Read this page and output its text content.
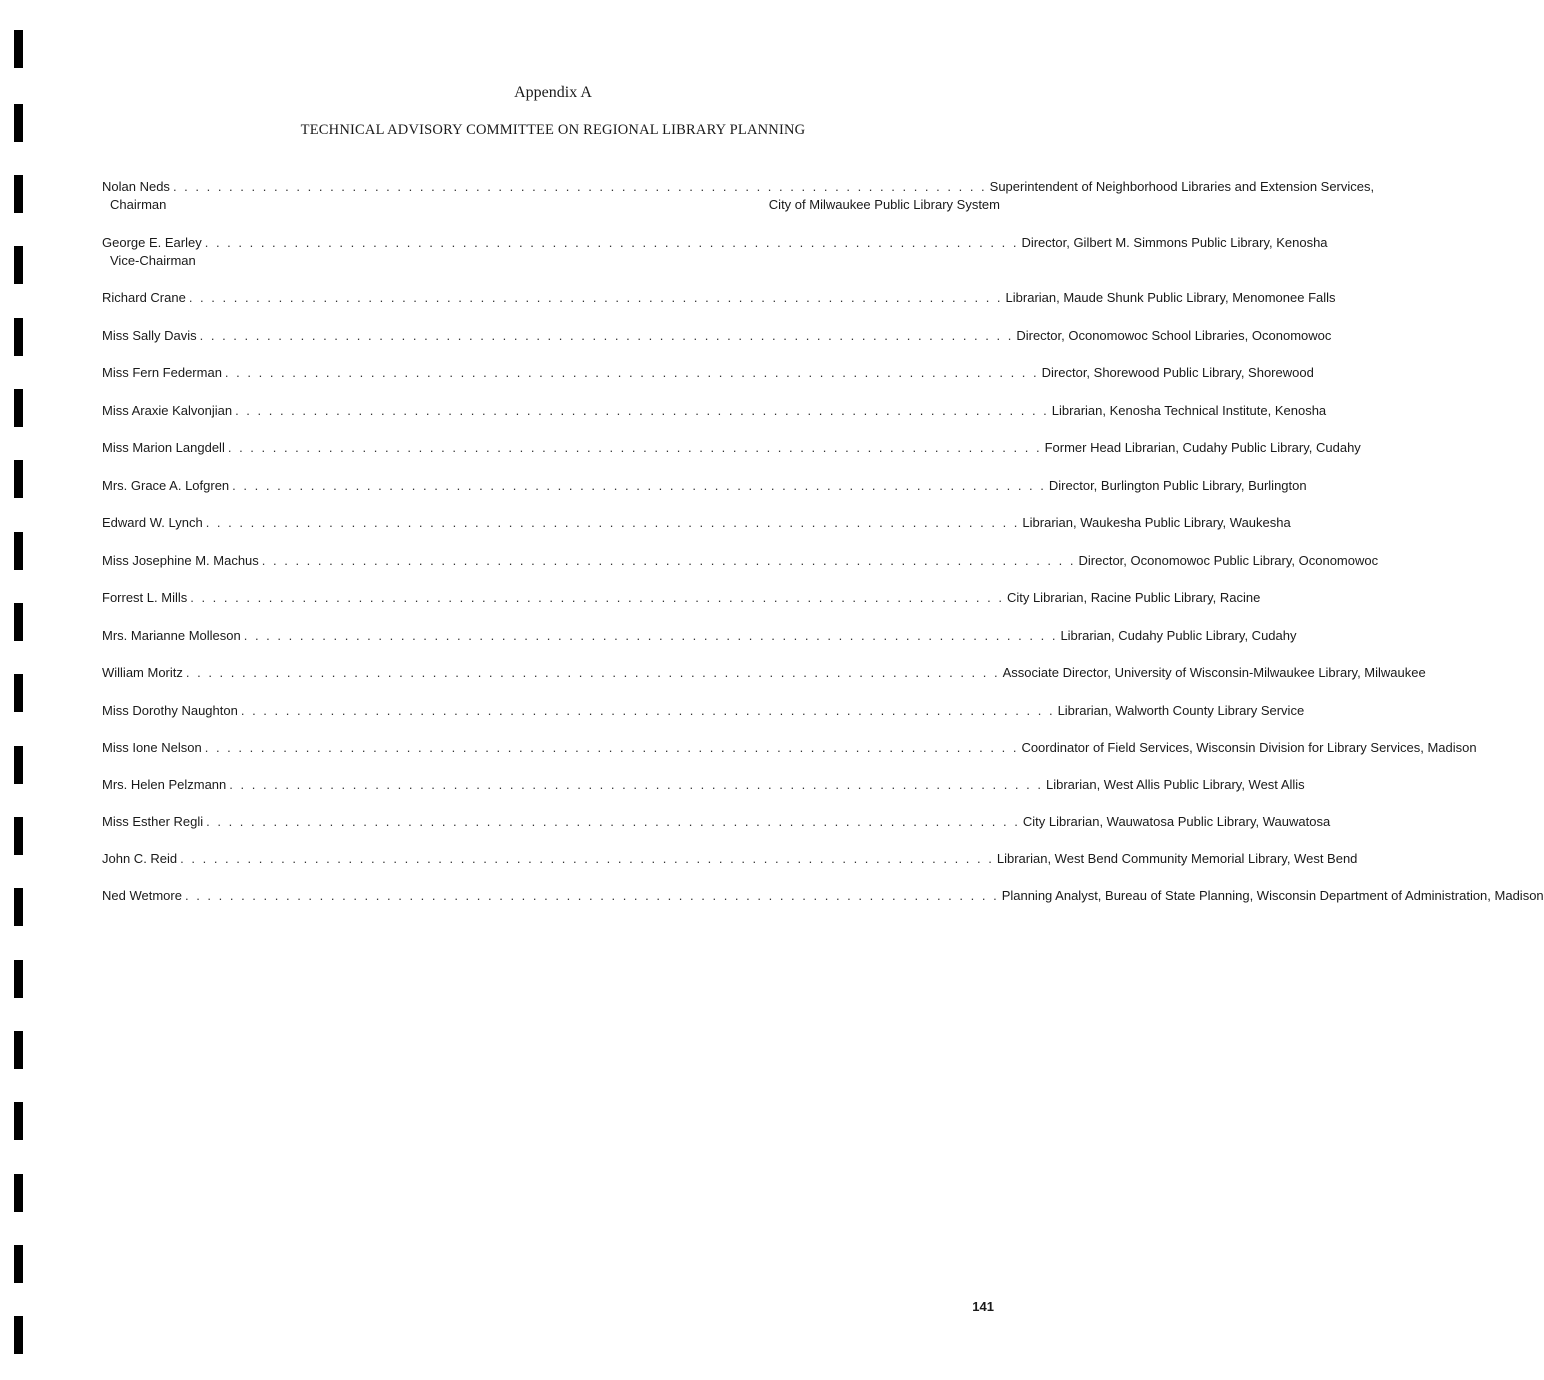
Appendix A
TECHNICAL ADVISORY COMMITTEE ON REGIONAL LIBRARY PLANNING
Nolan Neds . . . . . . . . . . . . . . . . . . . . . . . . . . . . . . . . . . . . . . . . . . . . . . . . . . . . . . . . . . . . . . . . . . . . . . . . . Superintendent of Neighborhood Libraries and Extension Services,
Chairman	City of Milwaukee Public Library System
George E. Earley . . . . . . . . . . . . . . . . . . . . . . . . . . . . . . . . . . . . . . . . . . . . . . . . . . . . . . . . . . . . . . . . . . . . . . . . . Director, Gilbert M. Simmons Public Library, Kenosha
Vice-Chairman
Richard Crane . . . . . . . . . . . . . . . . . . . . . . . . . . . . . . . . . . . . . . . . . . . . . . . . . . . . . . . . . . . . . . . . . . . . . . . . . Librarian, Maude Shunk Public Library, Menomonee Falls
Miss Sally Davis . . . . . . . . . . . . . . . . . . . . . . . . . . . . . . . . . . . . . . . . . . . . . . . . . . . . . . . . . . . . . . . . . . . . . . . . . Director, Oconomowoc School Libraries, Oconomowoc
Miss Fern Federman . . . . . . . . . . . . . . . . . . . . . . . . . . . . . . . . . . . . . . . . . . . . . . . . . . . . . . . . . . . . . . . . . . . . . . . . . Director, Shorewood Public Library, Shorewood
Miss Araxie Kalvonjian . . . . . . . . . . . . . . . . . . . . . . . . . . . . . . . . . . . . . . . . . . . . . . . . . . . . . . . . . . . . . . . . . . . . . . . . . Librarian, Kenosha Technical Institute, Kenosha
Miss Marion Langdell . . . . . . . . . . . . . . . . . . . . . . . . . . . . . . . . . . . . . . . . . . . . . . . . . . . . . . . . . . . . . . . . . . . . . . . . . Former Head Librarian, Cudahy Public Library, Cudahy
Mrs. Grace A. Lofgren . . . . . . . . . . . . . . . . . . . . . . . . . . . . . . . . . . . . . . . . . . . . . . . . . . . . . . . . . . . . . . . . . . . . . . . . . Director, Burlington Public Library, Burlington
Edward W. Lynch . . . . . . . . . . . . . . . . . . . . . . . . . . . . . . . . . . . . . . . . . . . . . . . . . . . . . . . . . . . . . . . . . . . . . . . . . Librarian, Waukesha Public Library, Waukesha
Miss Josephine M. Machus . . . . . . . . . . . . . . . . . . . . . . . . . . . . . . . . . . . . . . . . . . . . . . . . . . . . . . . . . . . . . . . . . . . . . . . . . Director, Oconomowoc Public Library, Oconomowoc
Forrest L. Mills . . . . . . . . . . . . . . . . . . . . . . . . . . . . . . . . . . . . . . . . . . . . . . . . . . . . . . . . . . . . . . . . . . . . . . . . . City Librarian, Racine Public Library, Racine
Mrs. Marianne Molleson . . . . . . . . . . . . . . . . . . . . . . . . . . . . . . . . . . . . . . . . . . . . . . . . . . . . . . . . . . . . . . . . . . . . . . . . . Librarian, Cudahy Public Library, Cudahy
William Moritz . . . . . . . . . . . . . . . . . . . . . . . . . . . . . . . . . . . . . . . . . . . . . . . . . . . . . . . . . . . . . . . . . . . . . . . . . Associate Director, University of Wisconsin-Milwaukee Library, Milwaukee
Miss Dorothy Naughton . . . . . . . . . . . . . . . . . . . . . . . . . . . . . . . . . . . . . . . . . . . . . . . . . . . . . . . . . . . . . . . . . . . . . . . . . Librarian, Walworth County Library Service
Miss Ione Nelson . . . . . . . . . . . . . . . . . . . . . . . . . . . . . . . . . . . . . . . . . . . . . . . . . . . . . . . . . . . . . . . . . . . . . . . . . Coordinator of Field Services, Wisconsin Division for Library Services, Madison
Mrs. Helen Pelzmann . . . . . . . . . . . . . . . . . . . . . . . . . . . . . . . . . . . . . . . . . . . . . . . . . . . . . . . . . . . . . . . . . . . . . . . . . Librarian, West Allis Public Library, West Allis
Miss Esther Regli . . . . . . . . . . . . . . . . . . . . . . . . . . . . . . . . . . . . . . . . . . . . . . . . . . . . . . . . . . . . . . . . . . . . . . . . . City Librarian, Wauwatosa Public Library, Wauwatosa
John C. Reid . . . . . . . . . . . . . . . . . . . . . . . . . . . . . . . . . . . . . . . . . . . . . . . . . . . . . . . . . . . . . . . . . . . . . . . . . Librarian, West Bend Community Memorial Library, West Bend
Ned Wetmore . . . . . . . . . . . . . . . . . . . . . . . . . . . . . . . . . . . . . . . . . . . . . . . . . . . . . . . . . . . . . . . . . . . . . . . . . Planning Analyst, Bureau of State Planning, Wisconsin Department of Administration, Madison
141
